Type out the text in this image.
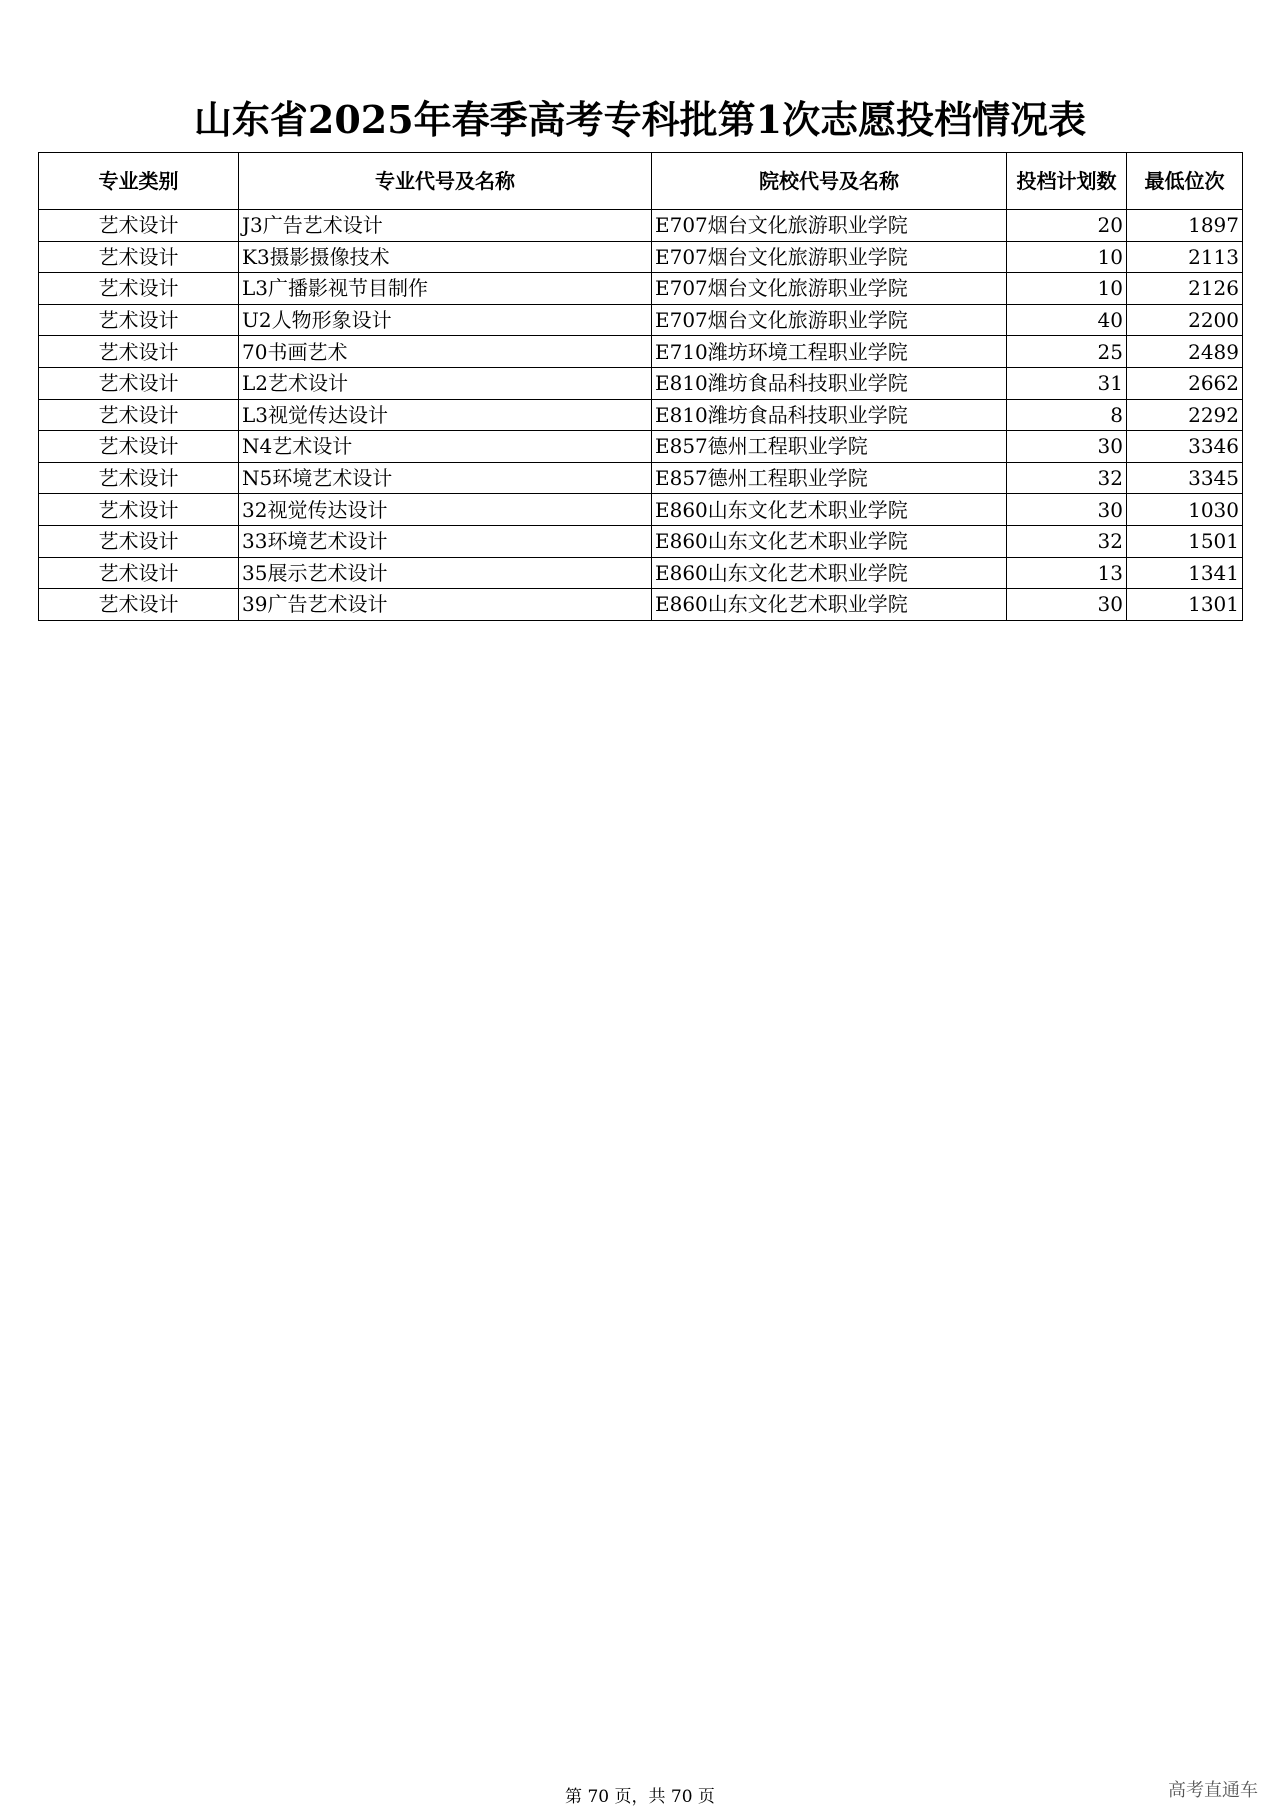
山东省2025年春季高考专科批第1次志愿投档情况表
专业类别	专业代号及名称	院校代号及名称	投档计划数	最低位次
艺术设计	J3广告艺术设计	E707烟台文化旅游职业学院	20	1897
艺术设计	K3摄影摄像技术	E707烟台文化旅游职业学院	10	2113
艺术设计	L3广播影视节目制作	E707烟台文化旅游职业学院	10	2126
艺术设计	U2人物形象设计	E707烟台文化旅游职业学院	40	2200
艺术设计	70书画艺术	E710潍坊环境工程职业学院	25	2489
艺术设计	L2艺术设计	E810潍坊食品科技职业学院	31	2662
艺术设计	L3视觉传达设计	E810潍坊食品科技职业学院	8	2292
艺术设计	N4艺术设计	E857德州工程职业学院	30	3346
艺术设计	N5环境艺术设计	E857德州工程职业学院	32	3345
艺术设计	32视觉传达设计	E860山东文化艺术职业学院	30	1030
艺术设计	33环境艺术设计	E860山东文化艺术职业学院	32	1501
艺术设计	35展示艺术设计	E860山东文化艺术职业学院	13	1341
艺术设计	39广告艺术设计	E860山东文化艺术职业学院	30	1301
第 70 页，共 70 页	高考直通车
